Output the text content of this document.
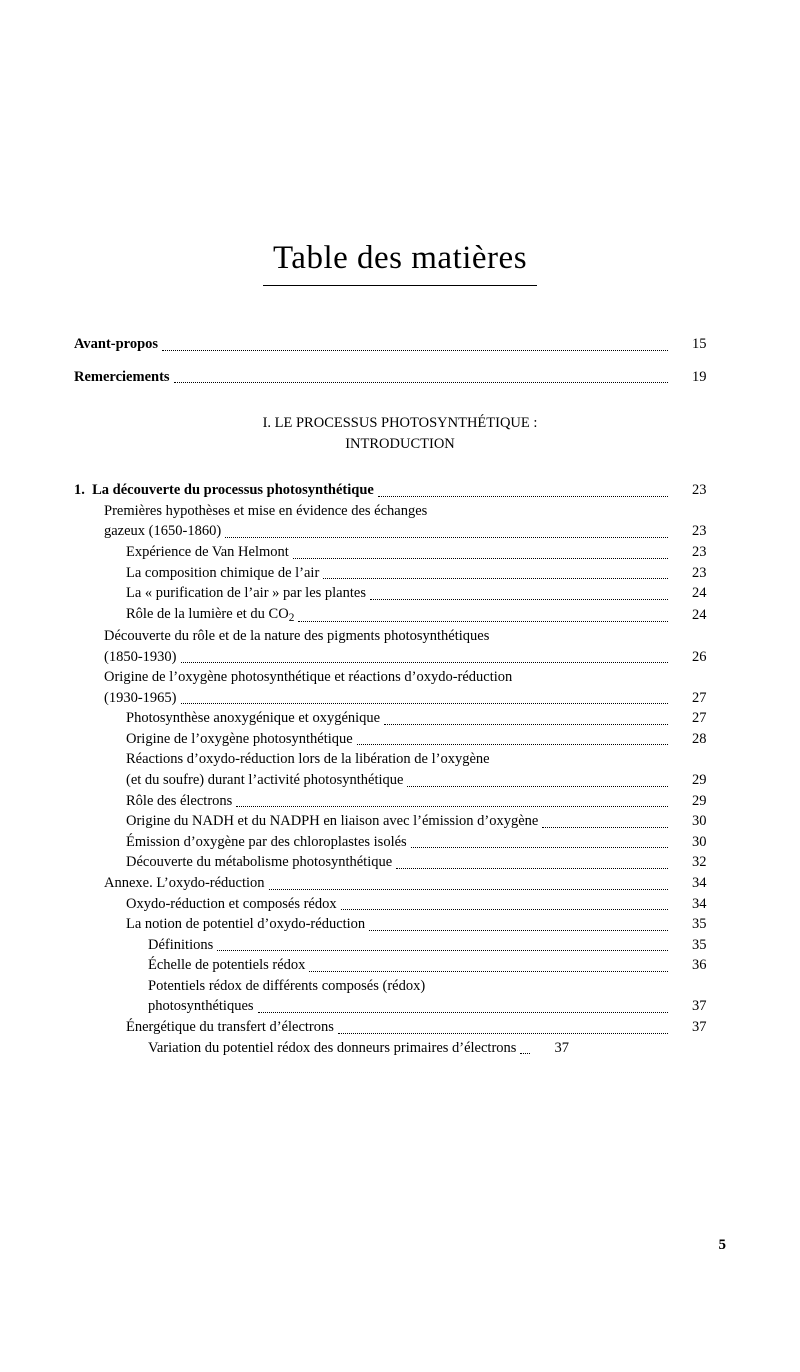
Table des matières
Avant-propos	15
Remerciements	19
I. LE PROCESSUS PHOTOSYNTHÉTIQUE :
INTRODUCTION
1.  La découverte du processus photosynthétique	23
Premières hypothèses et mise en évidence des échanges
gazeux (1650-1860)	23
Expérience de Van Helmont	23
La composition chimique de l’air	23
La « purification de l’air » par les plantes	24
Rôle de la lumière et du $CO_2$	24
Découverte du rôle et de la nature des pigments photosynthétiques
(1850-1930)	26
Origine de l’oxygène photosynthétique et réactions d’oxydo-réduction
(1930-1965)	27
Photosynthèse anoxygénique et oxygénique	27
Origine de l’oxygène photosynthétique	28
Réactions d’oxydo-réduction lors de la libération de l’oxygène
(et du soufre) durant l’activité photosynthétique	29
Rôle des électrons	29
Origine du NADH et du NADPH en liaison avec l’émission d’oxygène	30
Émission d’oxygène par des chloroplastes isolés	30
Découverte du métabolisme photosynthétique	32
Annexe. L’oxydo-réduction	34
Oxydo-réduction et composés rédox	34
La notion de potentiel d’oxydo-réduction	35
Définitions	35
Échelle de potentiels rédox	36
Potentiels rédox de différents composés (rédox)
photosynthétiques	37
Énergétique du transfert d’électrons	37
Variation du potentiel rédox des donneurs primaires d’électrons	37
5
